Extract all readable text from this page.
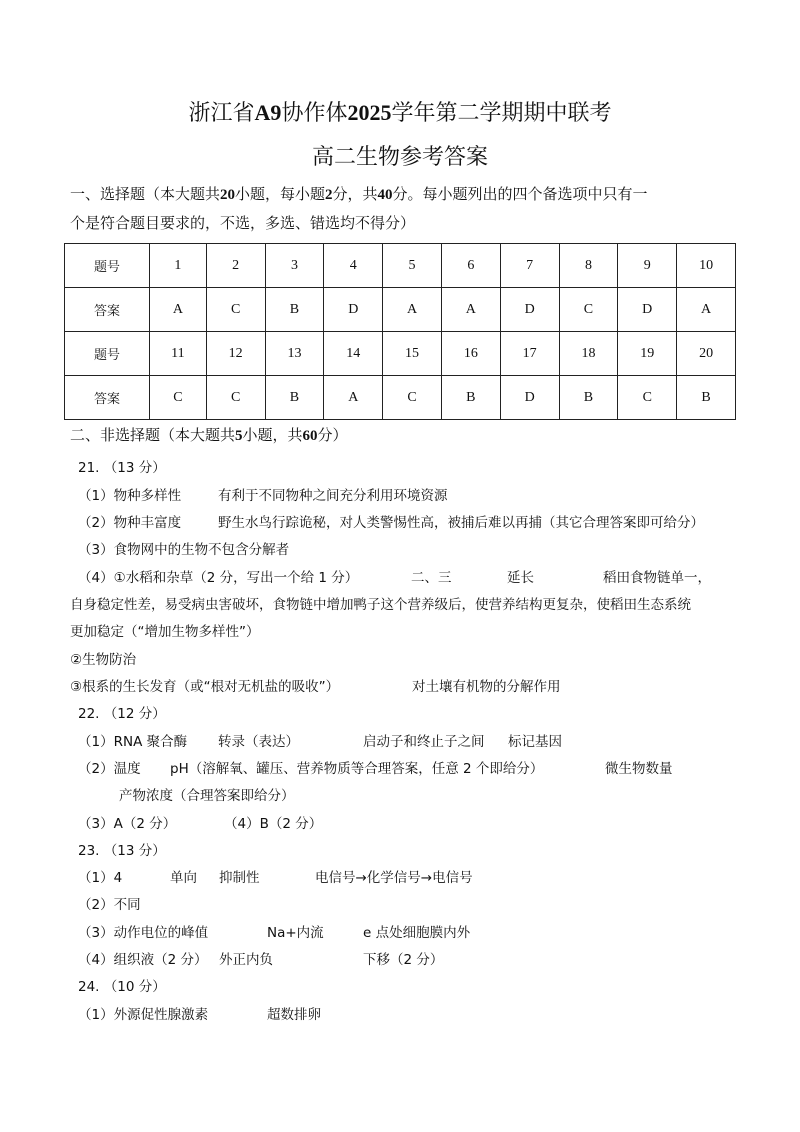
浙江省A9协作体2025学年第二学期期中联考
高二生物参考答案
一、选择题（本大题共20小题，每小题2分，共40分。每小题列出的四个备选项中只有一
个是符合题目要求的，不选，多选、错选均不得分）
题号	1	2	3	4	5	6	7	8	9	10
答案	A	C	B	D	A	A	D	C	D	A
题号	11	12	13	14	15	16	17	18	19	20
答案	C	C	B	A	C	B	D	B	C	B
二、非选择题（本大题共5小题，共60分）
21. （13 分）
（1）物种多样性	有利于不同物种之间充分利用环境资源
（2）物种丰富度	野生水鸟行踪诡秘，对人类警惕性高，被捕后难以再捕（其它合理答案即可给分）
（3）食物网中的生物不包含分解者
（4）①水稻和杂草（2 分，写出一个给 1 分）	二、三	延长	稻田食物链单一，
自身稳定性差，易受病虫害破坏，食物链中增加鸭子这个营养级后，使营养结构更复杂，使稻田生态系统
更加稳定（“增加生物多样性”）
②生物防治
③根系的生长发育（或“根对无机盐的吸收”）	对土壤有机物的分解作用
22. （12 分）
（1）RNA 聚合酶 转录（表达）	启动子和终止子之间 标记基因
（2）温度 pH（溶解氧、罐压、营养物质等合理答案，任意 2 个即给分）	微生物数量
产物浓度（合理答案即给分）
（3）A（2 分）	（4）B（2 分）
23. （13 分）
（1）4	单向 抑制性	电信号→化学信号→电信号
（2）不同
（3）动作电位的峰值	Na+内流	e 点处细胞膜内外
（4）组织液（2 分） 外正内负	下移（2 分）
24. （10 分）
（1）外源促性腺激素	超数排卵
